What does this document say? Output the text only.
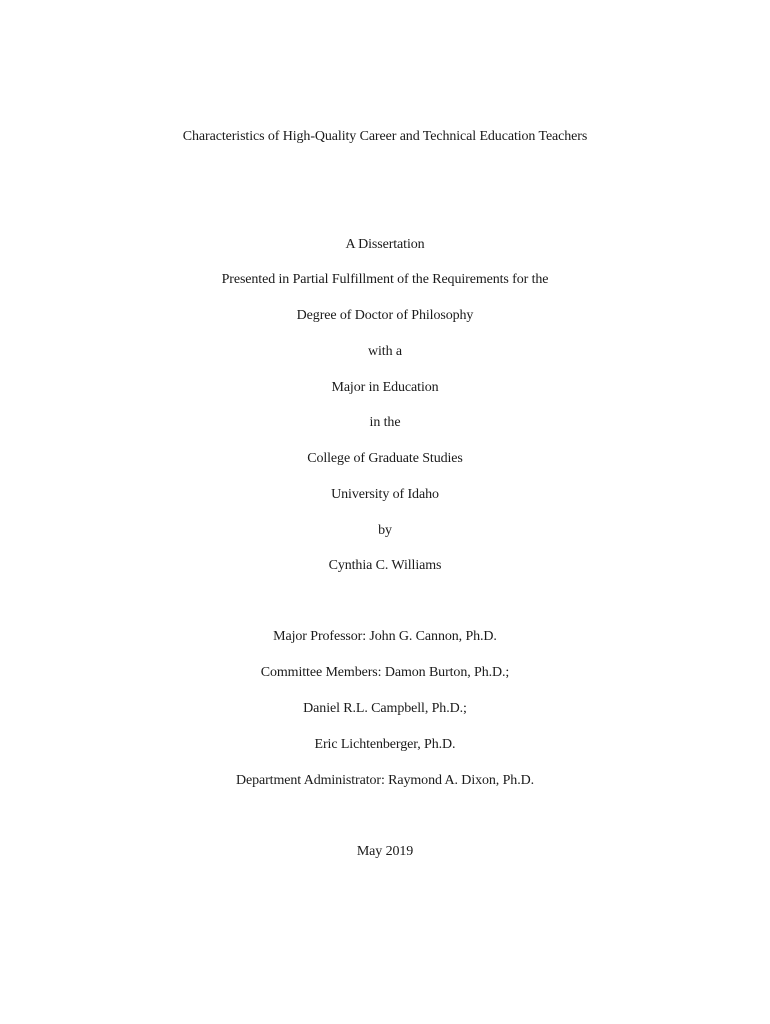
Characteristics of High-Quality Career and Technical Education Teachers
A Dissertation
Presented in Partial Fulfillment of the Requirements for the
Degree of Doctor of Philosophy
with a
Major in Education
in the
College of Graduate Studies
University of Idaho
by
Cynthia C. Williams
Major Professor: John G. Cannon, Ph.D.
Committee Members: Damon Burton, Ph.D.;
Daniel R.L. Campbell, Ph.D.;
Eric Lichtenberger, Ph.D.
Department Administrator: Raymond A. Dixon, Ph.D.
May 2019
